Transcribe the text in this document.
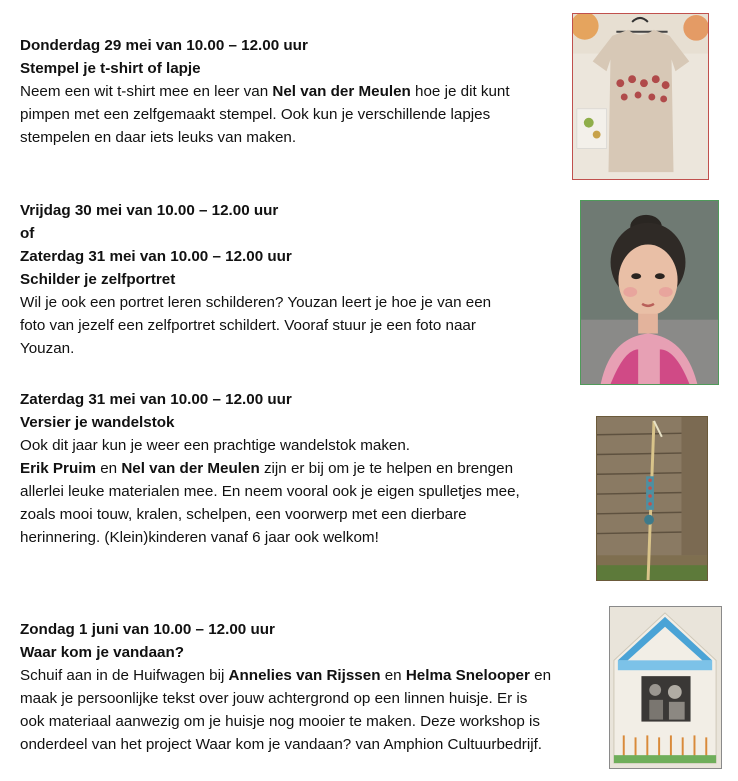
Donderdag 29 mei van 10.00 – 12.00 uur
Stempel je t-shirt of lapje
Neem een wit t-shirt mee en leer van Nel van der Meulen hoe je dit kunt
pimpen met een zelfgemaakt stempel. Ook kun je verschillende lapjes
stempelen en daar iets leuks van maken.
Vrijdag 30 mei van 10.00 – 12.00 uur
of
Zaterdag 31 mei van 10.00 – 12.00 uur
Schilder je zelfportret
Wil je ook een portret leren schilderen? Youzan leert je hoe je van een
foto van jezelf een zelfportret schildert. Vooraf stuur je een foto naar
Youzan.
Zaterdag 31 mei van 10.00 – 12.00 uur
Versier je wandelstok
Ook dit jaar kun je weer een prachtige wandelstok maken.
Erik Pruim en Nel van der Meulen zijn er bij om je te helpen en brengen
allerlei leuke materialen mee. En neem vooral ook je eigen spulletjes mee,
zoals mooi touw, kralen, schelpen, een voorwerp met een dierbare
herinnering. (Klein)kinderen vanaf 6 jaar ook welkom!
Zondag 1 juni van 10.00 – 12.00 uur
Waar kom je vandaan?
Schuif aan in de Huifwagen bij Annelies van Rijssen en Helma Snelooper en
maak je persoonlijke tekst over jouw achtergrond op een linnen huisje. Er is
ook materiaal aanwezig om je huisje nog mooier te maken. Deze workshop is
onderdeel van het project Waar kom je vandaan? van Amphion Cultuurbedrijf.
